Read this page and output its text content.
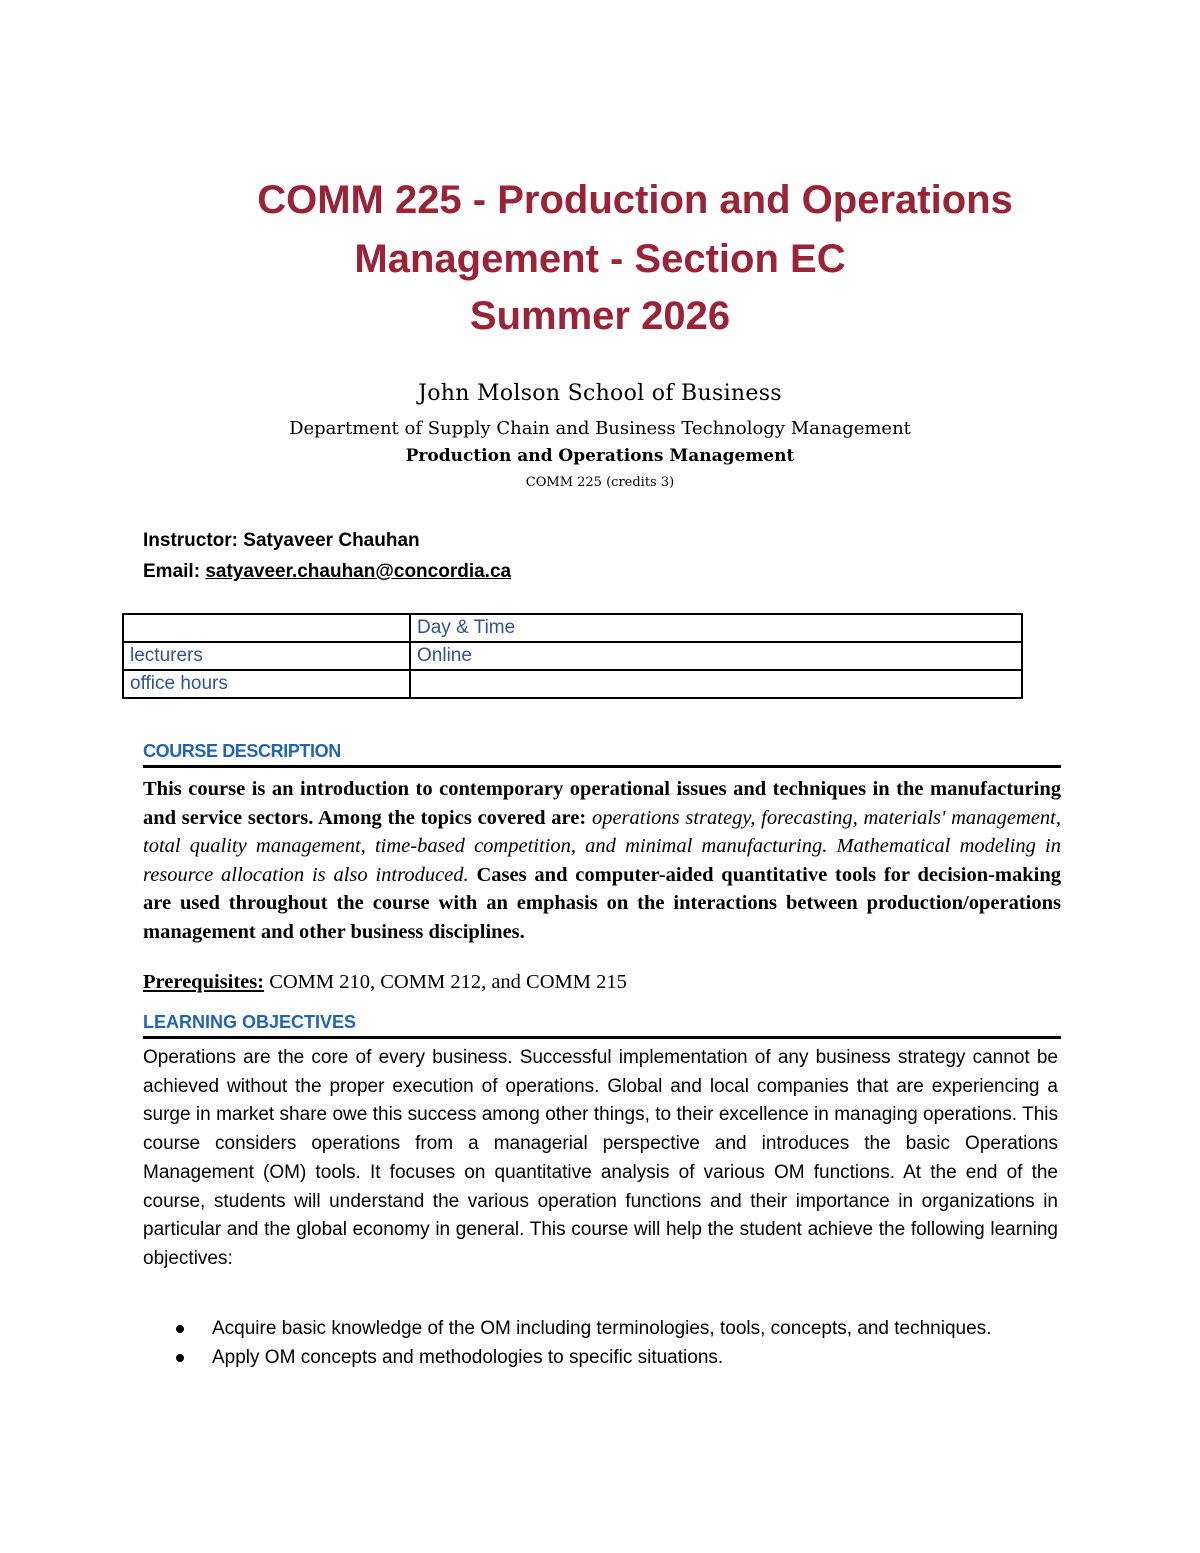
COMM 225 - Production and Operations
Management - Section EC
Summer 2026
John Molson School of Business
Department of Supply Chain and Business Technology Management
Production and Operations Management
COMM 225 (credits 3)
Instructor: Satyaveer Chauhan
Email: satyaveer.chauhan@concordia.ca
	Day & Time
lecturers	Online
office hours	
COURSE DESCRIPTION
This course is an introduction to contemporary operational issues and techniques in the manufacturing and service sectors. Among the topics covered are: operations strategy, forecasting, materials' management, total quality management, time-based competition, and minimal manufacturing. Mathematical modeling in resource allocation is also introduced. Cases and computer-aided quantitative tools for decision-making are used throughout the course with an emphasis on the interactions between production/operations management and other business disciplines.
Prerequisites: COMM 210, COMM 212, and COMM 215
LEARNING OBJECTIVES
Operations are the core of every business. Successful implementation of any business strategy cannot be achieved without the proper execution of operations. Global and local companies that are experiencing a surge in market share owe this success among other things, to their excellence in managing operations. This course considers operations from a managerial perspective and introduces the basic Operations Management (OM) tools. It focuses on quantitative analysis of various OM functions. At the end of the course, students will understand the various operation functions and their importance in organizations in particular and the global economy in general. This course will help the student achieve the following learning objectives:
Acquire basic knowledge of the OM including terminologies, tools, concepts, and techniques.
Apply OM concepts and methodologies to specific situations.
